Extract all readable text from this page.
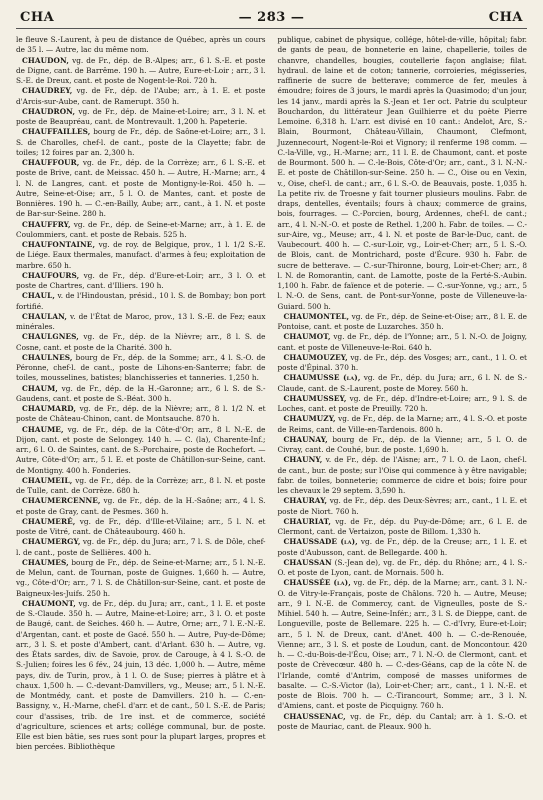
CHA	— 283 —	CHA

le fleuve S.-Laurent, à peu de distance de Québec, après un cours de 35 l. — Autre, lac du même nom.

CHAUDON, vg. de Fr., dép. de B.-Alpes; arr., 6 l. S.-E. et poste de Digne, cant. de Barrême. 190 h. — Autre, Eure-et-Loir ; arr., 3 l. S.-E. de Dreux, cant. et poste de Nogent-le-Roi. 720 h.

CHAUDREY, vg. de Fr., dép. de l'Aube; arr., à 1. E. et poste d'Arcis-sur-Aube, cant. de Ramerupt. 350 h.

CHAUDRON, vg. de Fr., dép. de Maine-et-Loire; arr., 3 l. N. et poste de Beaupréau, cant. de Montrevault. 1,200 h. Papeterie.

CHAUFFAILLES, bourg de Fr., dép. de Saône-et-Loire; arr., 3 l. S. de Charolles, chef-l. de cant., poste de la Clayette; fabr. de toiles; 12 foires par an. 2,300 h.

CHAUFFOUR, vg. de Fr., dép. de la Corrèze; arr., 6 l. S.-E. et poste de Brive, cant. de Meissac. 450 h. — Autre, H.-Marne; arr., 4 l. N. de Langres, cant. et poste de Montigny-le-Roi. 450 h. — Autre, Seine-et-Oise; arr., 5 l. O. de Mantes, cant. et poste de Bonnières. 190 h. — C.-en-Bailly, Aube; arr., cant., à 1. N. et poste de Bar-sur-Seine. 280 h.

CHAUFFRY, vg. de Fr., dép. de Seine-et-Marne; arr., à 1. E. de Coulommiers, cant. et poste de Rebais. 525 h.

CHAUFONTAINE, vg. de roy. de Belgique, prov., 1 l. 1/2 S.-E. de Liége. Eaux thermales, manufact. d'armes à feu; exploitation de marbre. 650 h.

CHAUFOURS, vg. de Fr., dép. d'Eure-et-Loir; arr., 3 l. O. et poste de Chartres, cant. d'Illiers. 190 h.

CHAUL, v. de l'Hindoustan, présid., 10 l. S. de Bombay; bon port fortifié.

CHAULAN, v. de l'État de Maroc, prov., 13 l. S.-E. de Fez; eaux minérales.

CHAULGNES, vg. de Fr., dép. de la Nièvre; arr., 8 l. S. de Cosne, cant. et poste de la Charité. 300 h.

CHAULNES, bourg de Fr., dép. de la Somme; arr., 4 l. S.-O. de Péronne, chef-l. de cant., poste de Lihons-en-Santerre; fabr. de toiles, mousselines, batistes; blanchisseries et tanneries. 1,250 h.

CHAUM, vg. de Fr., dép. de la H.-Garonne; arr., 6 l. S. de S.-Gaudens, cant. et poste de S.-Béat. 300 h.

CHAUMARD, vg. de Fr., dép. de la Nièvre; arr., 8 l. 1/2 N. et poste de Château-Chinon, cant. de Montsauche. 870 h.

CHAUME, vg. de Fr., dép. de la Côte-d'Or; arr., 8 l. N.-E. de Dijon, cant. et poste de Selongey. 140 h. — C. (la), Charente-Inf.; arr., 6 l. O. de Saintes, cant. de S.-Porchaire, poste de Rochefort. — Autre, Côte-d'Or; arr., 5 l. E. et poste de Châtillon-sur-Seine, cant. de Montigny. 400 h. Fonderies.

CHAUMEIL, vg. de Fr., dép. de la Corrèze; arr., 8 l. N. et poste de Tulle, cant. de Corrèze. 680 h.

CHAUMERCENNE, vg. de Fr., dép. de la H.-Saône; arr., 4 l. S. et poste de Gray, cant. de Pesmes. 360 h.

CHAUMERÉ, vg. de Fr., dép. d'Ille-et-Vilaine; arr., 5 l. N. et poste de Vitré, cant. de Châteaubourg. 460 h.

CHAUMERGY, vg. de Fr., dép. du Jura; arr., 7 l. S. de Dôle, chef-l. de cant., poste de Sellières. 400 h.

CHAUMES, bourg de Fr., dép. de Seine-et-Marne; arr., 5 l. N.-E. de Melun, cant. de Tournan, poste de Guignes. 1,660 h. — Autre, vg., Côte-d'Or; arr., 7 l. S. de Châtillon-sur-Seine, cant. et poste de Baigneux-les-Juifs. 250 h.

CHAUMONT, vg. de Fr., dép. du Jura; arr., cant., 1 l. E. et poste de S.-Claude. 350 h. — Autre, Maine-et-Loire; arr., 3 l. O. et poste de Baugé, cant. de Seiches. 460 h. — Autre, Orne; arr., 7 l. E.-N.-E. d'Argentan, cant. et poste de Gacé. 550 h. — Autre, Puy-de-Dôme; arr., 3 l. S. et poste d'Ambert, cant. d'Arlant. 630 h. — Autre, vg. des États sardes, div. de Savoie, prov. de Carouge, à 4 l. S.-O. de S.-Julien; foires les 6 fév., 24 juin, 13 déc. 1,000 h. — Autre, même pays, div. de Turin, prov., à 1 l. O. de Suse; pierres à plâtre et à chaux. 1,500 h. — C.-devant-Damvillers, vg., Meuse; arr., 5 l. N.-E. de Montmédy, cant. et poste de Damvillers. 210 h. — C.-en-Bassigny, v., H.-Marne, chef-l. d'arr. et de cant., 50 l. S.-E. de Paris; cour d'assises, trib. de 1re inst. et de commerce, société d'agriculture, sciences et arts; collége communal, bur. de poste. Elle est bien bâtie, ses rues sont pour la plupart larges, propres et bien percées. Bibliothèque

publique, cabinet de physique, collége, hôtel-de-ville, hôpital; fabr. de gants de peau, de bonneterie en laine, chapellerie, toiles de chanvre, chandelles, bougies, coutellerie façon anglaise; filat. hydraul. de laine et de coton; tannerie, corroieries, mégisseries, raffinerie de sucre de betterave; commerce de fer, meules à émoudre; foires de 3 jours, le mardi après la Quasimodo; d'un jour, les 14 janv., mardi après la S.-Jean et 1er oct. Patrie du sculpteur Bouchardon, du littérateur Jean Guilhierre et du poète Pierre Lemoine. 6,318 h. L'arr. est divisé en 10 cant.: Andelot, Arc, S.-Blain, Bourmont, Château-Villain, Chaumont, Clefmont, Juzennecourt, Nogent-le-Roi et Vignory; il renferme 198 comm. — C.-la-Ville, vg., H.-Marne; arr., 11 l. E. de Chaumont, cant. et poste de Bourmont. 500 h. — C.-le-Bois, Côte-d'Or; arr., cant., 3 l. N.-N.-E. et poste de Châtillon-sur-Seine. 250 h. — C., Oise ou en Vexin, v., Oise, chef-l. de cant.; arr., 6 l. S.-O. de Beauvais, poste. 1,035 h. La petite riv. de Troesne y fait tourner plusieurs moulins. Fabr. de draps, dentelles, éventails; fours à chaux; commerce de grains, bois, fourrages. — C.-Porcien, bourg, Ardennes, chef-l. de cant.; arr., 4 l. N.-N.-O. et poste de Rethel. 1,200 h. Fabr. de toiles. — C.-sur-Aire, vg., Meuse; arr., 4 l. N. et poste de Bar-le-Duc, cant. de Vaubecourt. 400 h. — C.-sur-Loir, vg., Loir-et-Cher; arr., 5 l. S.-O. de Blois, cant. de Montrichard, poste d'Écure. 930 h. Fabr. de sucre de betterave. — C.-sur-Thironne, bourg, Loir-et-Cher; arr., 8 l. N. de Romorantin, cant. de Lamotte, poste de la Ferté-S.-Aubin. 1,100 h. Fabr. de faïence et de poterie. — C.-sur-Yonne, vg.; arr., 5 l. N.-O. de Sens, cant. de Pont-sur-Yonne, poste de Villeneuve-la-Guiard. 500 h.

CHAUMONTEL, vg. de Fr., dép. de Seine-et-Oise; arr., 8 l. E. de Pontoise, cant. et poste de Luzarches. 350 h.

CHAUMOT, vg. de Fr., dép. de l'Yonne; arr., 5 l. N.-O. de Joigny, cant. et poste de Villeneuve-le-Roi. 640 h.

CHAUMOUZEY, vg. de Fr., dép. des Vosges; arr., cant., 1 l. O. et poste d'Épinal. 370 h.

CHAUMUSSE (la), vg. de Fr., dép. du Jura; arr., 6 l. N. de S.-Claude, cant. de S.-Laurent, poste de Morey. 560 h.

CHAUMUSSEY, vg. de Fr., dép. d'Indre-et-Loire; arr., 9 l. S. de Loches, cant. et poste de Preuilly. 720 h.

CHAUMUZY, vg. de Fr., dép. de la Marne; arr., 4 l. S.-O. et poste de Reims, cant. de Ville-en-Tardenois. 800 h.

CHAUNAY, bourg de Fr., dép. de la Vienne; arr., 5 l. O. de Civray, cant. de Couhé, bur. de poste. 1,690 h.

CHAUNY, v. de Fr., dép. de l'Aisne; arr., 7 l. O. de Laon, chef-l. de cant., bur. de poste; sur l'Oise qui commence à y être navigable; fabr. de toiles, bonneterie; commerce de cidre et bois; foire pour les chevaux le 29 septem. 3,590 h.

CHAURAY, vg. de Fr., dép. des Deux-Sèvres; arr., cant., 1 l. E. et poste de Niort. 760 h.

CHAURIAT, vg. de Fr., dép. du Puy-de-Dôme; arr., 6 l. E. de Clermont, cant. de Vertaizon, poste de Billom. 1,330 h.

CHAUSSADE (la), vg. de Fr., dép. de la Creuse; arr., 1 l. E. et poste d'Aubusson, cant. de Bellegarde. 400 h.

CHAUSSAN (S.-Jean de), vg. de Fr., dép. du Rhône; arr., 4 l. S.-O. et poste de Lyon, cant. de Mornais. 500 h.

CHAUSSÉE (la), vg. de Fr., dép. de la Marne; arr., cant. 3 l. N.-O. de Vitry-le-Français, poste de Châlons. 720 h. — Autre, Meuse; arr., 9 l. N.-E. de Commercy, cant. de Vigneulles, poste de S.-Mihiel. 540 h. — Autre, Seine-Infér.; arr., 3 l. S. de Dieppe, cant. de Longueville, poste de Bellemare. 225 h. — C.-d'Ivry, Eure-et-Loir; arr., 5 l. N. de Dreux, cant. d'Anet. 400 h. — C.-de-Renouée, Vienne; arr., 3 l. S. et poste de Loudun, cant. de Moncontour. 420 h. — C.-du-Bois-de-l'Écu, Oise; arr., 7 l. N.-O. de Clermont, cant. et poste de Crèvecœur. 480 h. — C.-des-Géans, cap de la côte N. de l'Irlande, comté d'Antrim, composé de masses uniformes de basalte. — C.-S.-Victor (la), Loir-et-Cher; arr., cant., 1 l. N.-E. et poste de Blois. 700 h. — C.-Tirancourt, Somme; arr., 3 l. N. d'Amiens, cant. et poste de Picquigny. 760 h.

CHAUSSENAC, vg. de Fr., dép. du Cantal; arr. à 1. S.-O. et poste de Mauriac, cant. de Pleaux. 900 h.
